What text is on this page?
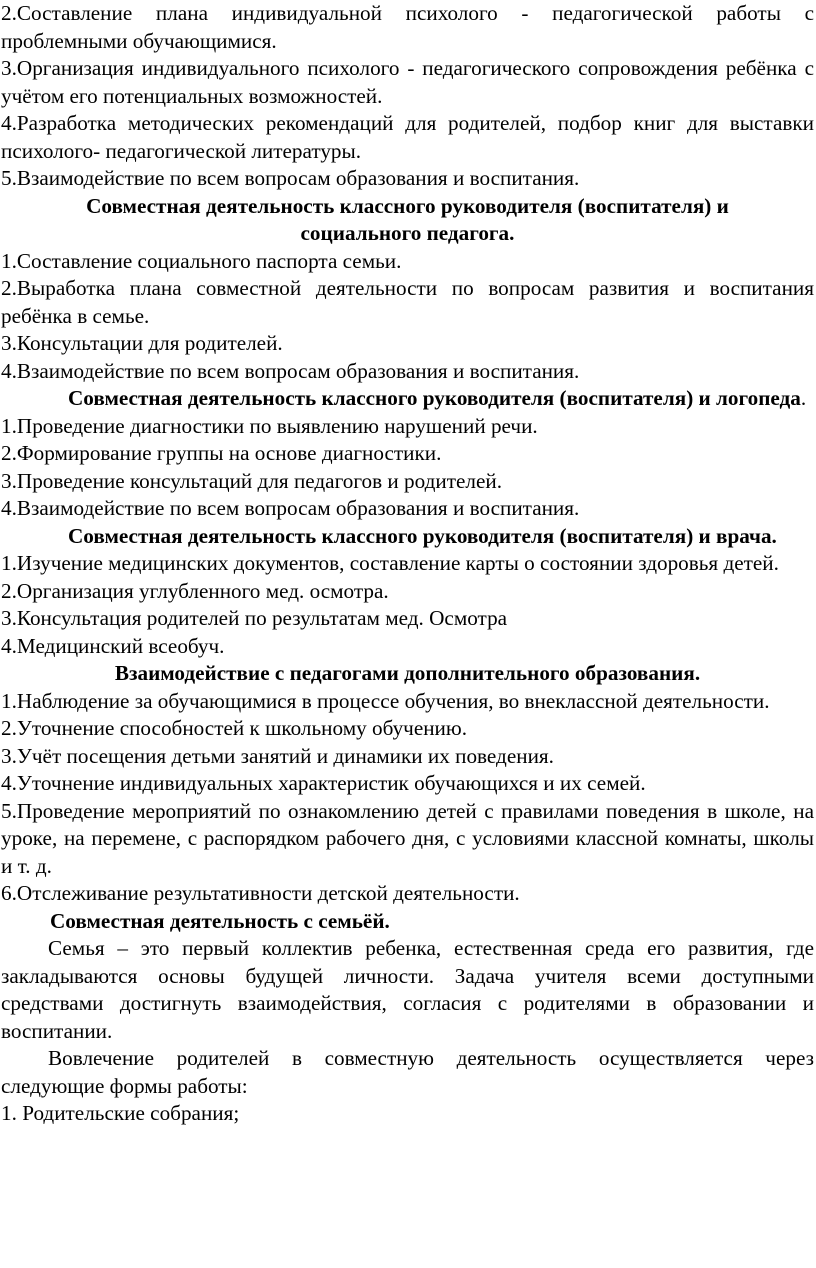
2.Составление плана индивидуальной психолого - педагогической работы с проблемными обучающимися.

3.Организация индивидуального психолого - педагогического сопровождения ребёнка с учётом его потенциальных возможностей.

4.Разработка методических рекомендаций для родителей, подбор книг для выставки психолого- педагогической литературы.

5.Взаимодействие по всем вопросам образования и воспитания.

Совместная деятельность классного руководителя (воспитателя) и социального педагога.

1.Составление социального паспорта семьи.

2.Выработка плана совместной деятельности по вопросам развития и воспитания ребёнка в семье.

3.Консультации для родителей.

4.Взаимодействие по всем вопросам образования и воспитания.

Совместная деятельность классного руководителя (воспитателя) и логопеда.

1.Проведение диагностики по выявлению нарушений речи.

2.Формирование группы на основе диагностики.

3.Проведение консультаций для педагогов и родителей.

4.Взаимодействие по всем вопросам образования и воспитания.

Совместная деятельность классного руководителя (воспитателя) и врача.

1.Изучение медицинских документов, составление карты о состоянии здоровья детей.

2.Организация углубленного мед. осмотра.

3.Консультация родителей по результатам мед. Осмотра

4.Медицинский всеобуч.

Взаимодействие с педагогами дополнительного образования.

1.Наблюдение за обучающимися в процессе обучения, во внеклассной деятельности.

2.Уточнение способностей к школьному обучению.

3.Учёт посещения детьми занятий и динамики их поведения.

4.Уточнение индивидуальных характеристик обучающихся и их семей.

5.Проведение мероприятий по ознакомлению детей с правилами поведения в школе, на уроке, на перемене, с распорядком рабочего дня, с условиями классной комнаты, школы и т. д.

6.Отслеживание результативности детской деятельности.

Совместная деятельность с семьёй.

Семья – это первый коллектив ребенка, естественная среда его развития, где закладываются основы будущей личности. Задача учителя всеми доступными средствами достигнуть взаимодействия, согласия с родителями в образовании и воспитании.

Вовлечение родителей в совместную деятельность осуществляется через следующие формы работы:

1. Родительские собрания;
